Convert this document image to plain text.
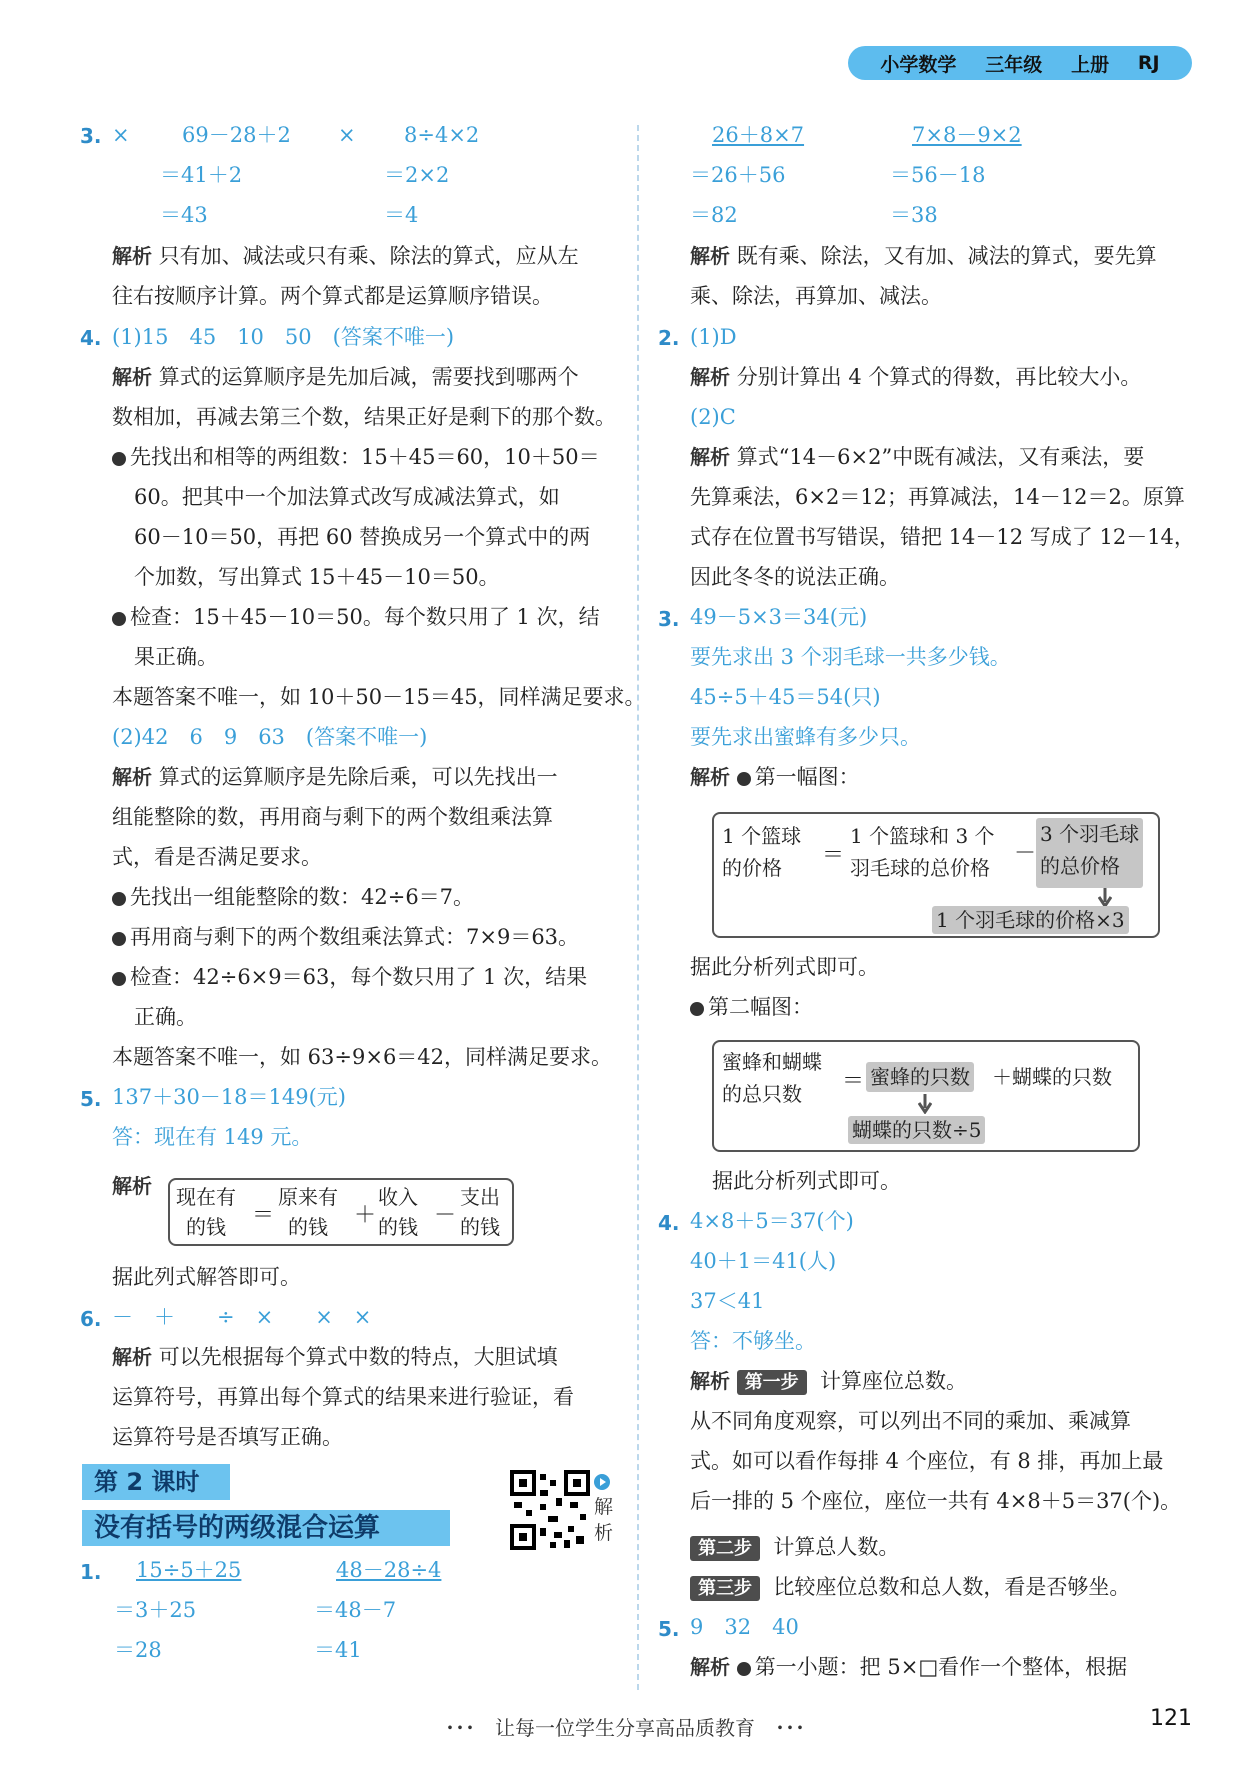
小学数学 三年级 上册 RJ
3. × 69－28＋2 × 8÷4×2
＝41＋2	＝2×2
＝43	＝4
解析 只有加、减法或只有乘、除法的算式，应从左
往右按顺序计算。两个算式都是运算顺序错误。
4. (1)15　45　10　50　(答案不唯一)
解析 算式的运算顺序是先加后减，需要找到哪两个
数相加，再减去第三个数，结果正好是剩下的那个数。
先找出和相等的两组数：15＋45＝60，10＋50＝
60。把其中一个加法算式改写成减法算式，如
60－10＝50，再把 60 替换成另一个算式中的两
个加数，写出算式 15＋45－10＝50。
检查：15＋45－10＝50。每个数只用了 1 次，结
果正确。
本题答案不唯一，如 10＋50－15＝45，同样满足要求。
(2)42　6　9　63　(答案不唯一)
解析 算式的运算顺序是先除后乘，可以先找出一
组能整除的数，再用商与剩下的两个数组乘法算
式，看是否满足要求。
先找出一组能整除的数：42÷6＝7。
再用商与剩下的两个数组乘法算式：7×9＝63。
检查：42÷6×9＝63，每个数只用了 1 次，结果
正确。
本题答案不唯一，如 63÷9×6＝42，同样满足要求。
5. 137＋30－18＝149(元)
答：现在有 149 元。
解析 现在有
的钱	＝
原来有
的钱	＋
收入
的钱 －
支出
的钱
据此列式解答即可。
6. －　＋　　÷　×　　×　×
解析 可以先根据每个算式中数的特点，大胆试填
运算符号，再算出每个算式的结果来进行验证，看
运算符号是否填写正确。
第 2 课时
没有括号的两级混合运算
解析
1. 15÷5＋25	48－28÷4
＝3＋25	＝48－7
＝28	＝41
26＋8×7	7×8－9×2
＝26＋56	＝56－18
＝82	＝38
解析 既有乘、除法，又有加、减法的算式，要先算
乘、除法，再算加、减法。
2. (1)D
解析 分别计算出 4 个算式的得数，再比较大小。
(2)C
解析 算式“14－6×2”中既有减法，又有乘法，要
先算乘法，6×2＝12；再算减法，14－12＝2。原算
式存在位置书写错误，错把 14－12 写成了 12－14，
因此冬冬的说法正确。
3. 49－5×3＝34(元)
要先求出 3 个羽毛球一共多少钱。
45÷5＋45＝54(只)
要先求出蜜蜂有多少只。
解析 第一幅图：
1 个篮球
的价格	＝
1 个篮球和 3 个
羽毛球的总价格
－
3 个羽毛球
的总价格
1 个羽毛球的价格×3
据此分析列式即可。
第二幅图：
蜜蜂和蝴蝶
的总只数	＝ 蜜蜂的只数 ＋蝴蝶的只数
蝴蝶的只数÷5
据此分析列式即可。
4. 4×8＋5＝37(个)
40＋1＝41(人)
37＜41
答：不够坐。
解析 第一步 计算座位总数。
从不同角度观察，可以列出不同的乘加、乘减算
式。如可以看作每排 4 个座位，有 8 排，再加上最
后一排的 5 个座位，座位一共有 4×8＋5＝37(个)。
第二步 计算总人数。
第三步 比较座位总数和总人数，看是否够坐。
5. 9　32　40
解析 第一小题：把 5×□看作一个整体，根据
･･･　让每一位学生分享高品质教育　･･･	121
